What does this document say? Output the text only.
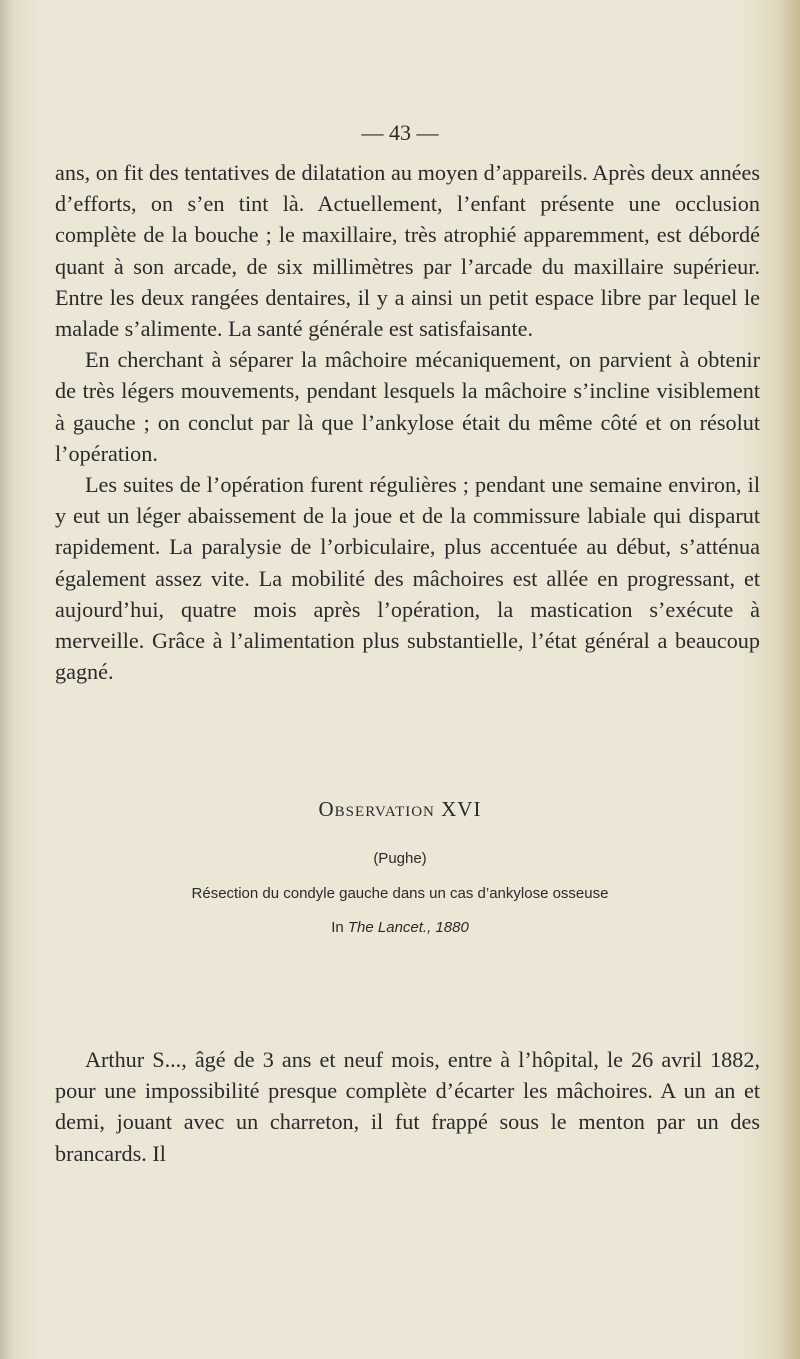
— 43 —

ans, on fit des tentatives de dilatation au moyen d’appareils. Après deux années d’efforts, on s’en tint là. Actuellement, l’enfant présente une occlusion complète de la bouche ; le maxillaire, très atrophié apparemment, est débordé quant à son arcade, de six millimètres par l’arcade du maxillaire supérieur. Entre les deux rangées dentaires, il y a ainsi un petit espace libre par lequel le malade s’alimente. La santé générale est satisfaisante.

En cherchant à séparer la mâchoire mécaniquement, on parvient à obtenir de très légers mouvements, pendant lesquels la mâchoire s’incline visiblement à gauche ; on conclut par là que l’ankylose était du même côté et on résolut l’opération.

Les suites de l’opération furent régulières ; pendant une semaine environ, il y eut un léger abaissement de la joue et de la commissure labiale qui disparut rapidement. La paralysie de l’orbiculaire, plus accentuée au début, s’atténua également assez vite. La mobilité des mâchoires est allée en progressant, et aujourd’hui, quatre mois après l’opération, la mastication s’exécute à merveille. Grâce à l’alimentation plus substantielle, l’état général a beaucoup gagné.

Observation XVI
(Pughe)
Résection du condyle gauche dans un cas d’ankylose osseuse
In The Lancet., 1880

Arthur S..., âgé de 3 ans et neuf mois, entre à l’hôpital, le 26 avril 1882, pour une impossibilité presque complète d’écarter les mâchoires. A un an et demi, jouant avec un charreton, il fut frappé sous le menton par un des brancards. Il
